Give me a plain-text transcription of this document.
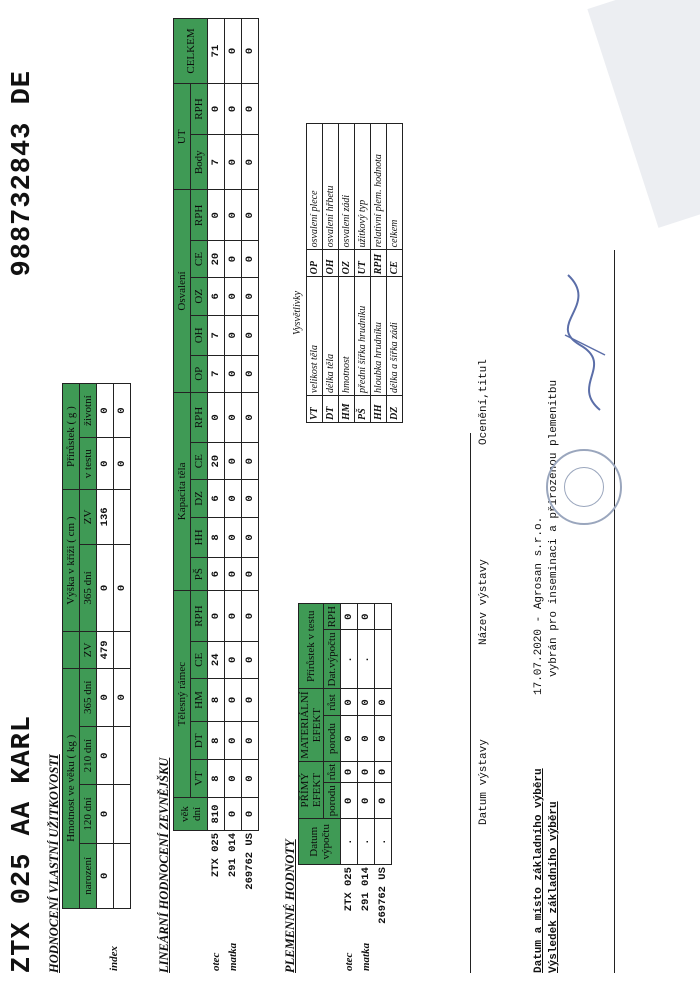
ZTX 025 AA KARL
988732843 DE
HODNOCENÍ VLASTNÍ UŽITKOVOSTI
	Hmotnost ve věku ( kg )					Výška v kříži ( cm )		Přírůstek ( g )	
	narození	120 dní	210 dní	365 dní	ZV	365 dní	ZV	v testu	životní
index	0	0	0	0	479	0	136	0	0
				0		0		0	0
LINEÁRNÍ HODNOCENÍ ZEVNĚJŠKU
		věk dní	Tělesný rámec					Kapacita těla					Osvalení					UT		CELKEM
			VT	DT	HM	CE	RPH	PŠ	HH	DZ	CE	RPH	OP	OH	OZ	CE	RPH	Body	RPH	
otec	ZTX 025	810	8	8	8	24	0	6	8	6	20	0	7	7	6	20	0	7	0	71
matka	291 014	0	0	0	0	0	0	0	0	0	0	0	0	0	0	0	0	0	0	0
	269762 US	0	0	0	0	0	0	0	0	0	0	0	0	0	0	0	0	0	0	0
PLEMENNÉ HODNOTY
		Datum výpočtu	PŘÍMÝ EFEKT		MATERIÁLNÍ EFEKT		Přírůstek v testu	
			porodu	růst	porodu	růst	Dat.výpočtu	RPH
otec	ZTX 025	.	0	0	0	0	.	0
matka	291 014	.	0	0	0	0	.	0
	269762 US	.	0	0	0	0		
Vysvětlivky
VT	velikost těla	OP	osvalení plece
DT	délka těla	OH	osvalení hřbetu
HM	hmotnost	OZ	osvalení zádi
PŠ	přední šířka hrudníku	UT	užitkový typ
HH	hloubka hrudníku	RPH	relativní plem. hodnota
DZ	délka a šířka zádi	CE	celkem
Datum výstavy
Název výstavy
Ocenění,titul
Datum a místo základního výběru Výsledek základního výběru
17.07.2020 - Agrosan s.r.o. vybrán pro inseminaci a přirozenou plemenitbu
